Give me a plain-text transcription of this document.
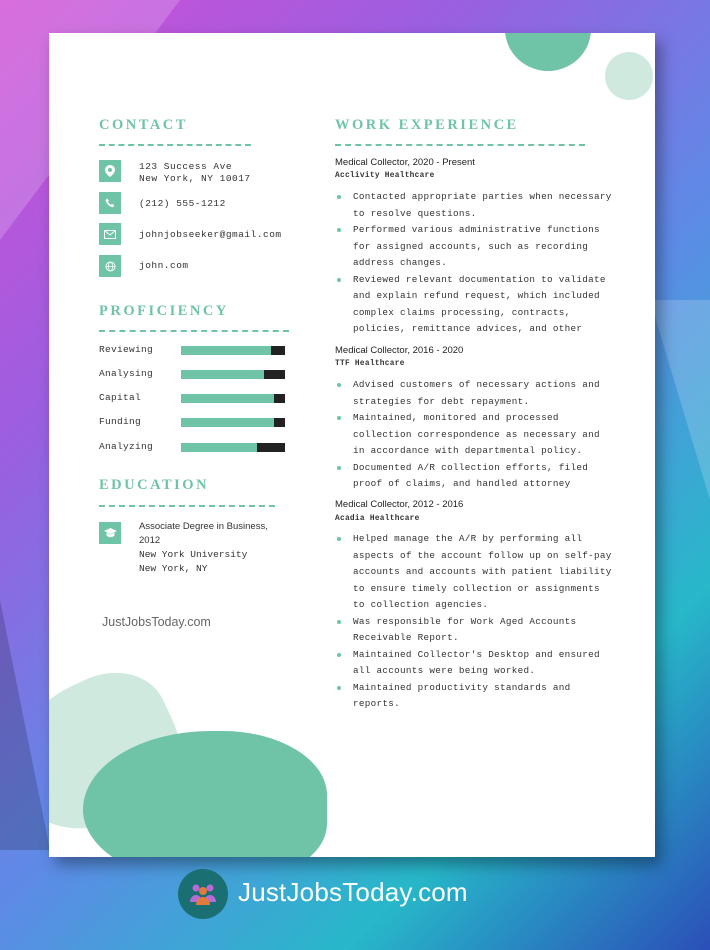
CONTACT
123 Success Ave
New York, NY 10017
(212) 555-1212
johnjobseeker@gmail.com
john.com
PROFICIENCY
Reviewing
Analysing
Capital
Funding
Analyzing
EDUCATION
Associate Degree in Business, 2012
New York University
New York, NY
JustJobsToday.com
WORK EXPERIENCE
Medical Collector, 2020 - Present
Acclivity Healthcare
Contacted appropriate parties when necessary to resolve questions.
Performed various administrative functions for assigned accounts, such as recording address changes.
Reviewed relevant documentation to validate and explain refund request, which included complex claims processing, contracts, policies, remittance advices, and other
Medical Collector, 2016 - 2020
TTF Healthcare
Advised customers of necessary actions and strategies for debt repayment.
Maintained, monitored and processed collection correspondence as necessary and in accordance with departmental policy.
Documented A/R collection efforts, filed proof of claims, and handled attorney
Medical Collector, 2012 - 2016
Acadia Healthcare
Helped manage the A/R by performing all aspects of the account follow up on self-pay accounts and accounts with patient liability to ensure timely collection or assignments to collection agencies.
Was responsible for Work Aged Accounts Receivable Report.
Maintained Collector's Desktop and ensured all accounts were being worked.
Maintained productivity standards and reports.
JustJobsToday.com
